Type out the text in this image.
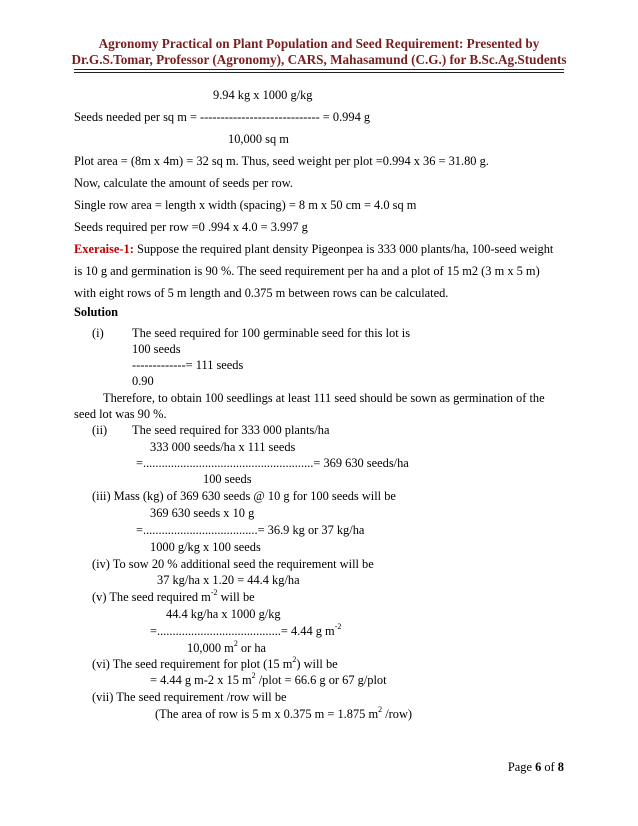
Agronomy Practical on Plant Population and Seed Requirement: Presented by
Dr.G.S.Tomar, Professor (Agronomy), CARS, Mahasamund (C.G.) for B.Sc.Ag.Students
9.94 kg x 1000 g/kg
Seeds needed per sq m = ----------------------------- = 0.994 g
10,000 sq m
Plot area = (8m x 4m) = 32 sq m. Thus, seed weight per plot =0.994 x 36 = 31.80 g.
Now, calculate the amount of seeds per row.
Single row area = length x width (spacing) = 8 m x 50 cm = 4.0 sq m
Seeds required per row =0 .994 x 4.0 = 3.997 g
Exeraise-1: Suppose the required plant density Pigeonpea is 333 000 plants/ha, 100-seed weight
is 10 g and germination is 90 %. The seed requirement per ha and a plot of 15 m2 (3 m x 5 m)
with eight rows of 5 m length and 0.375 m between rows can be calculated.
Solution
(i) The seed required for 100 germinable seed for this lot is
100 seeds
-------------= 111 seeds
0.90
Therefore, to obtain 100 seedlings at least 111 seed should be sown as germination of the
seed lot was 90 %.
(ii) The seed required for 333 000 plants/ha
333 000 seeds/ha x 111 seeds
=.......................................................= 369 630 seeds/ha
100 seeds
(iii) Mass (kg) of 369 630 seeds @ 10 g for 100 seeds will be
369 630 seeds x 10 g
=.....................................= 36.9 kg or 37 kg/ha
1000 g/kg x 100 seeds
(iv) To sow 20 % additional seed the requirement will be
37 kg/ha x 1.20 = 44.4 kg/ha
(v) The seed required $m^{-2}$ will be
44.4 kg/ha x 1000 g/kg
=........................................= 4.44 g $m^{-2}$
10,000 $m^2$ or ha
(vi) The seed requirement for plot (15 $m^2$) will be
= 4.44 g m-2 x 15 $m^2$ /plot = 66.6 g or 67 g/plot
(vii) The seed requirement /row will be
(The area of row is 5 m x 0.375 m = 1.875 $m^2$ /row)
Page 6 of 8
